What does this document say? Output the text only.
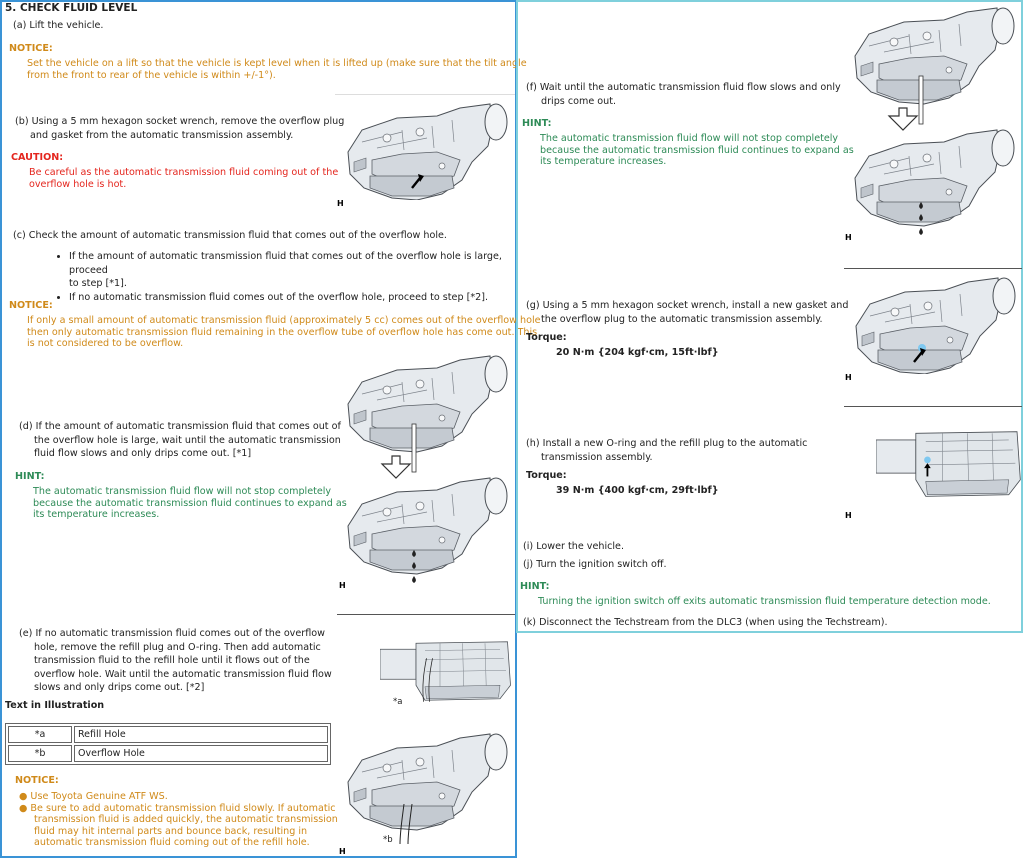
5. CHECK FLUID LEVEL
(a) Lift the vehicle.
NOTICE:
Set the vehicle on a lift so that the vehicle is kept level when it is lifted up (make sure that the tilt angle
from the front to rear of the vehicle is within +/-1°).
(b) Using a 5 mm hexagon socket wrench, remove the overflow plug
and gasket from the automatic transmission assembly.
CAUTION:
Be careful as the automatic transmission fluid coming out of the
overflow hole is hot.
H
(c) Check the amount of automatic transmission fluid that comes out of the overflow hole.
• If the amount of automatic transmission fluid that comes out of the overflow hole is large, proceed
to step [*1].
• If no automatic transmission fluid comes out of the overflow hole, proceed to step [*2].
NOTICE:
If only a small amount of automatic transmission fluid (approximately 5 cc) comes out of the overflow hole
then only automatic transmission fluid remaining in the overflow tube of overflow hole has come out. This
is not considered to be overflow.
H
(d) If the amount of automatic transmission fluid that comes out of
the overflow hole is large, wait until the automatic transmission
fluid flow slows and only drips come out. [*1]
HINT:
The automatic transmission fluid flow will not stop completely
because the automatic transmission fluid continues to expand as
its temperature increases.
(e) If no automatic transmission fluid comes out of the overflow
hole, remove the refill plug and O-ring. Then add automatic
transmission fluid to the refill hole until it flows out of the
overflow hole. Wait until the automatic transmission fluid flow
slows and only drips come out. [*2]
*a
Text in Illustration
*a	Refill Hole
*b	Overflow Hole
NOTICE:
● Use Toyota Genuine ATF WS.
● Be sure to add automatic transmission fluid slowly. If automatic
transmission fluid is added quickly, the automatic transmission
fluid may hit internal parts and bounce back, resulting in
automatic transmission fluid coming out of the refill hole.	*b
H
H
(f) Wait until the automatic transmission fluid flow slows and only
drips come out.
HINT:
The automatic transmission fluid flow will not stop completely
because the automatic transmission fluid continues to expand as
its temperature increases.
H
(g) Using a 5 mm hexagon socket wrench, install a new gasket and
the overflow plug to the automatic transmission assembly.
Torque:
20 N·m {204 kgf·cm, 15ft·lbf}
H
(h) Install a new O-ring and the refill plug to the automatic
transmission assembly.
Torque:
39 N·m {400 kgf·cm, 29ft·lbf}
(i) Lower the vehicle.
(j) Turn the ignition switch off.
HINT:
Turning the ignition switch off exits automatic transmission fluid temperature detection mode.
(k) Disconnect the Techstream from the DLC3 (when using the Techstream).
